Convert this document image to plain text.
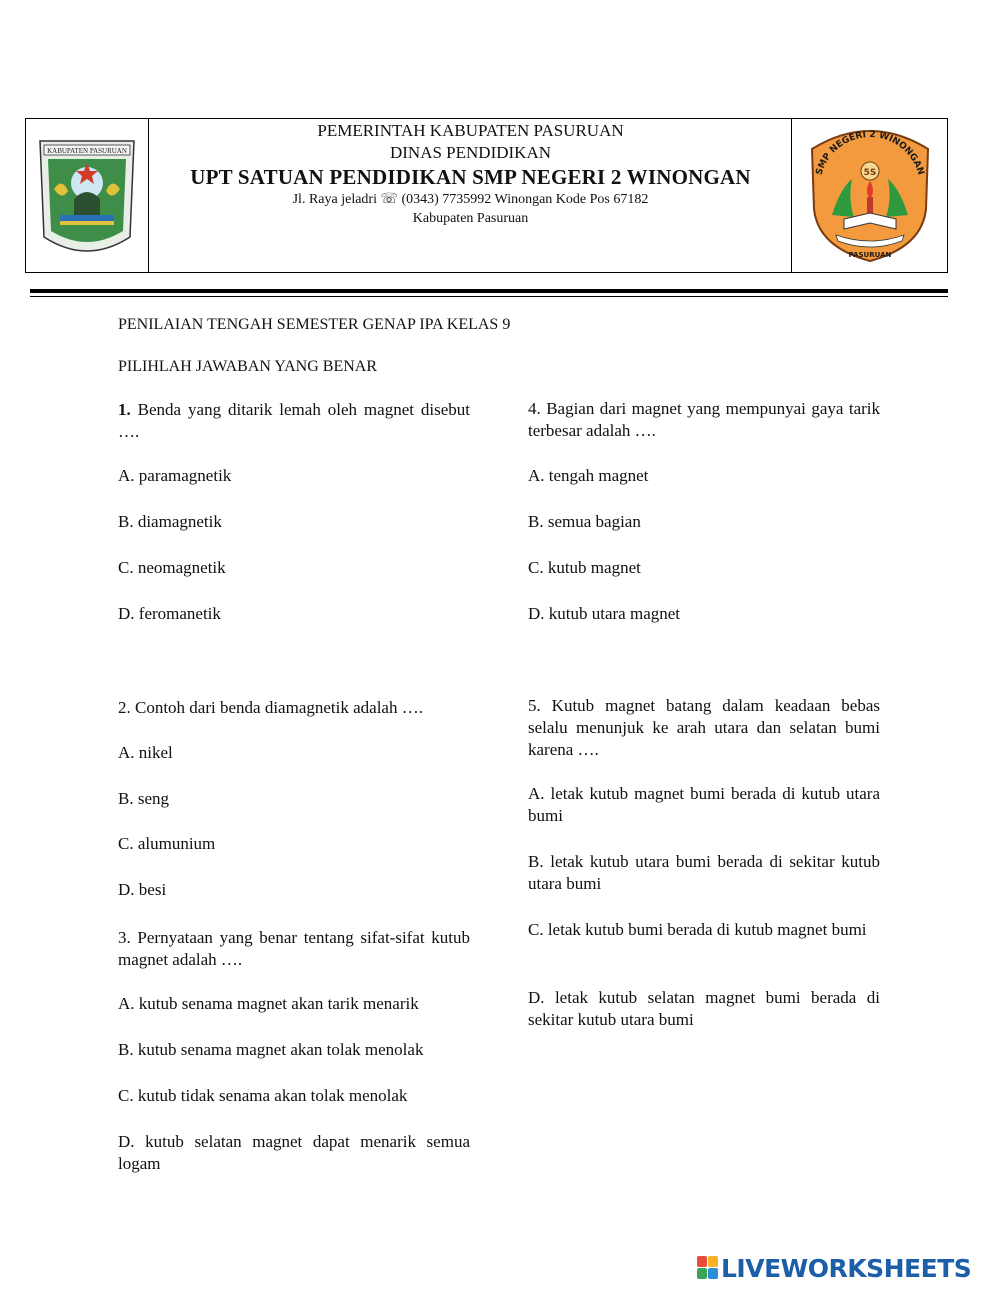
KABUPATEN PASURUAN
PEMERINTAH KABUPATEN PASURUAN
DINAS PENDIDIKAN
UPT SATUAN PENDIDIKAN SMP NEGERI 2 WINONGAN
Jl. Raya jeladri ☏ (0343) 7735992 Winongan Kode Pos 67182
Kabupaten Pasuruan
SMP NEGERI 2 WINONGAN
5S
PASURUAN
PENILAIAN TENGAH SEMESTER GENAP IPA KELAS 9
PILIHLAH JAWABAN YANG BENAR
1. Benda yang ditarik lemah oleh magnet disebut ….
A. paramagnetik
B. diamagnetik
C. neomagnetik
D. feromanetik
2. Contoh dari benda diamagnetik adalah ….
A. nikel
B. seng
C. alumunium
D. besi
3. Pernyataan yang benar tentang sifat-sifat kutub magnet adalah ….
A. kutub senama magnet akan tarik menarik
B. kutub senama magnet akan tolak menolak
C. kutub tidak senama akan tolak menolak
D. kutub selatan magnet dapat menarik semua logam
4. Bagian dari magnet yang mempunyai gaya tarik terbesar adalah ….
A. tengah magnet
B. semua bagian
C. kutub magnet
D. kutub utara magnet
5. Kutub magnet batang dalam keadaan bebas selalu menunjuk ke arah utara dan selatan bumi karena ….
A. letak kutub magnet bumi berada di kutub utara bumi
B. letak kutub utara bumi berada di sekitar kutub utara bumi
C. letak kutub bumi berada di kutub magnet bumi
D. letak kutub selatan magnet bumi berada di sekitar kutub utara bumi
LIVEWORKSHEETS
